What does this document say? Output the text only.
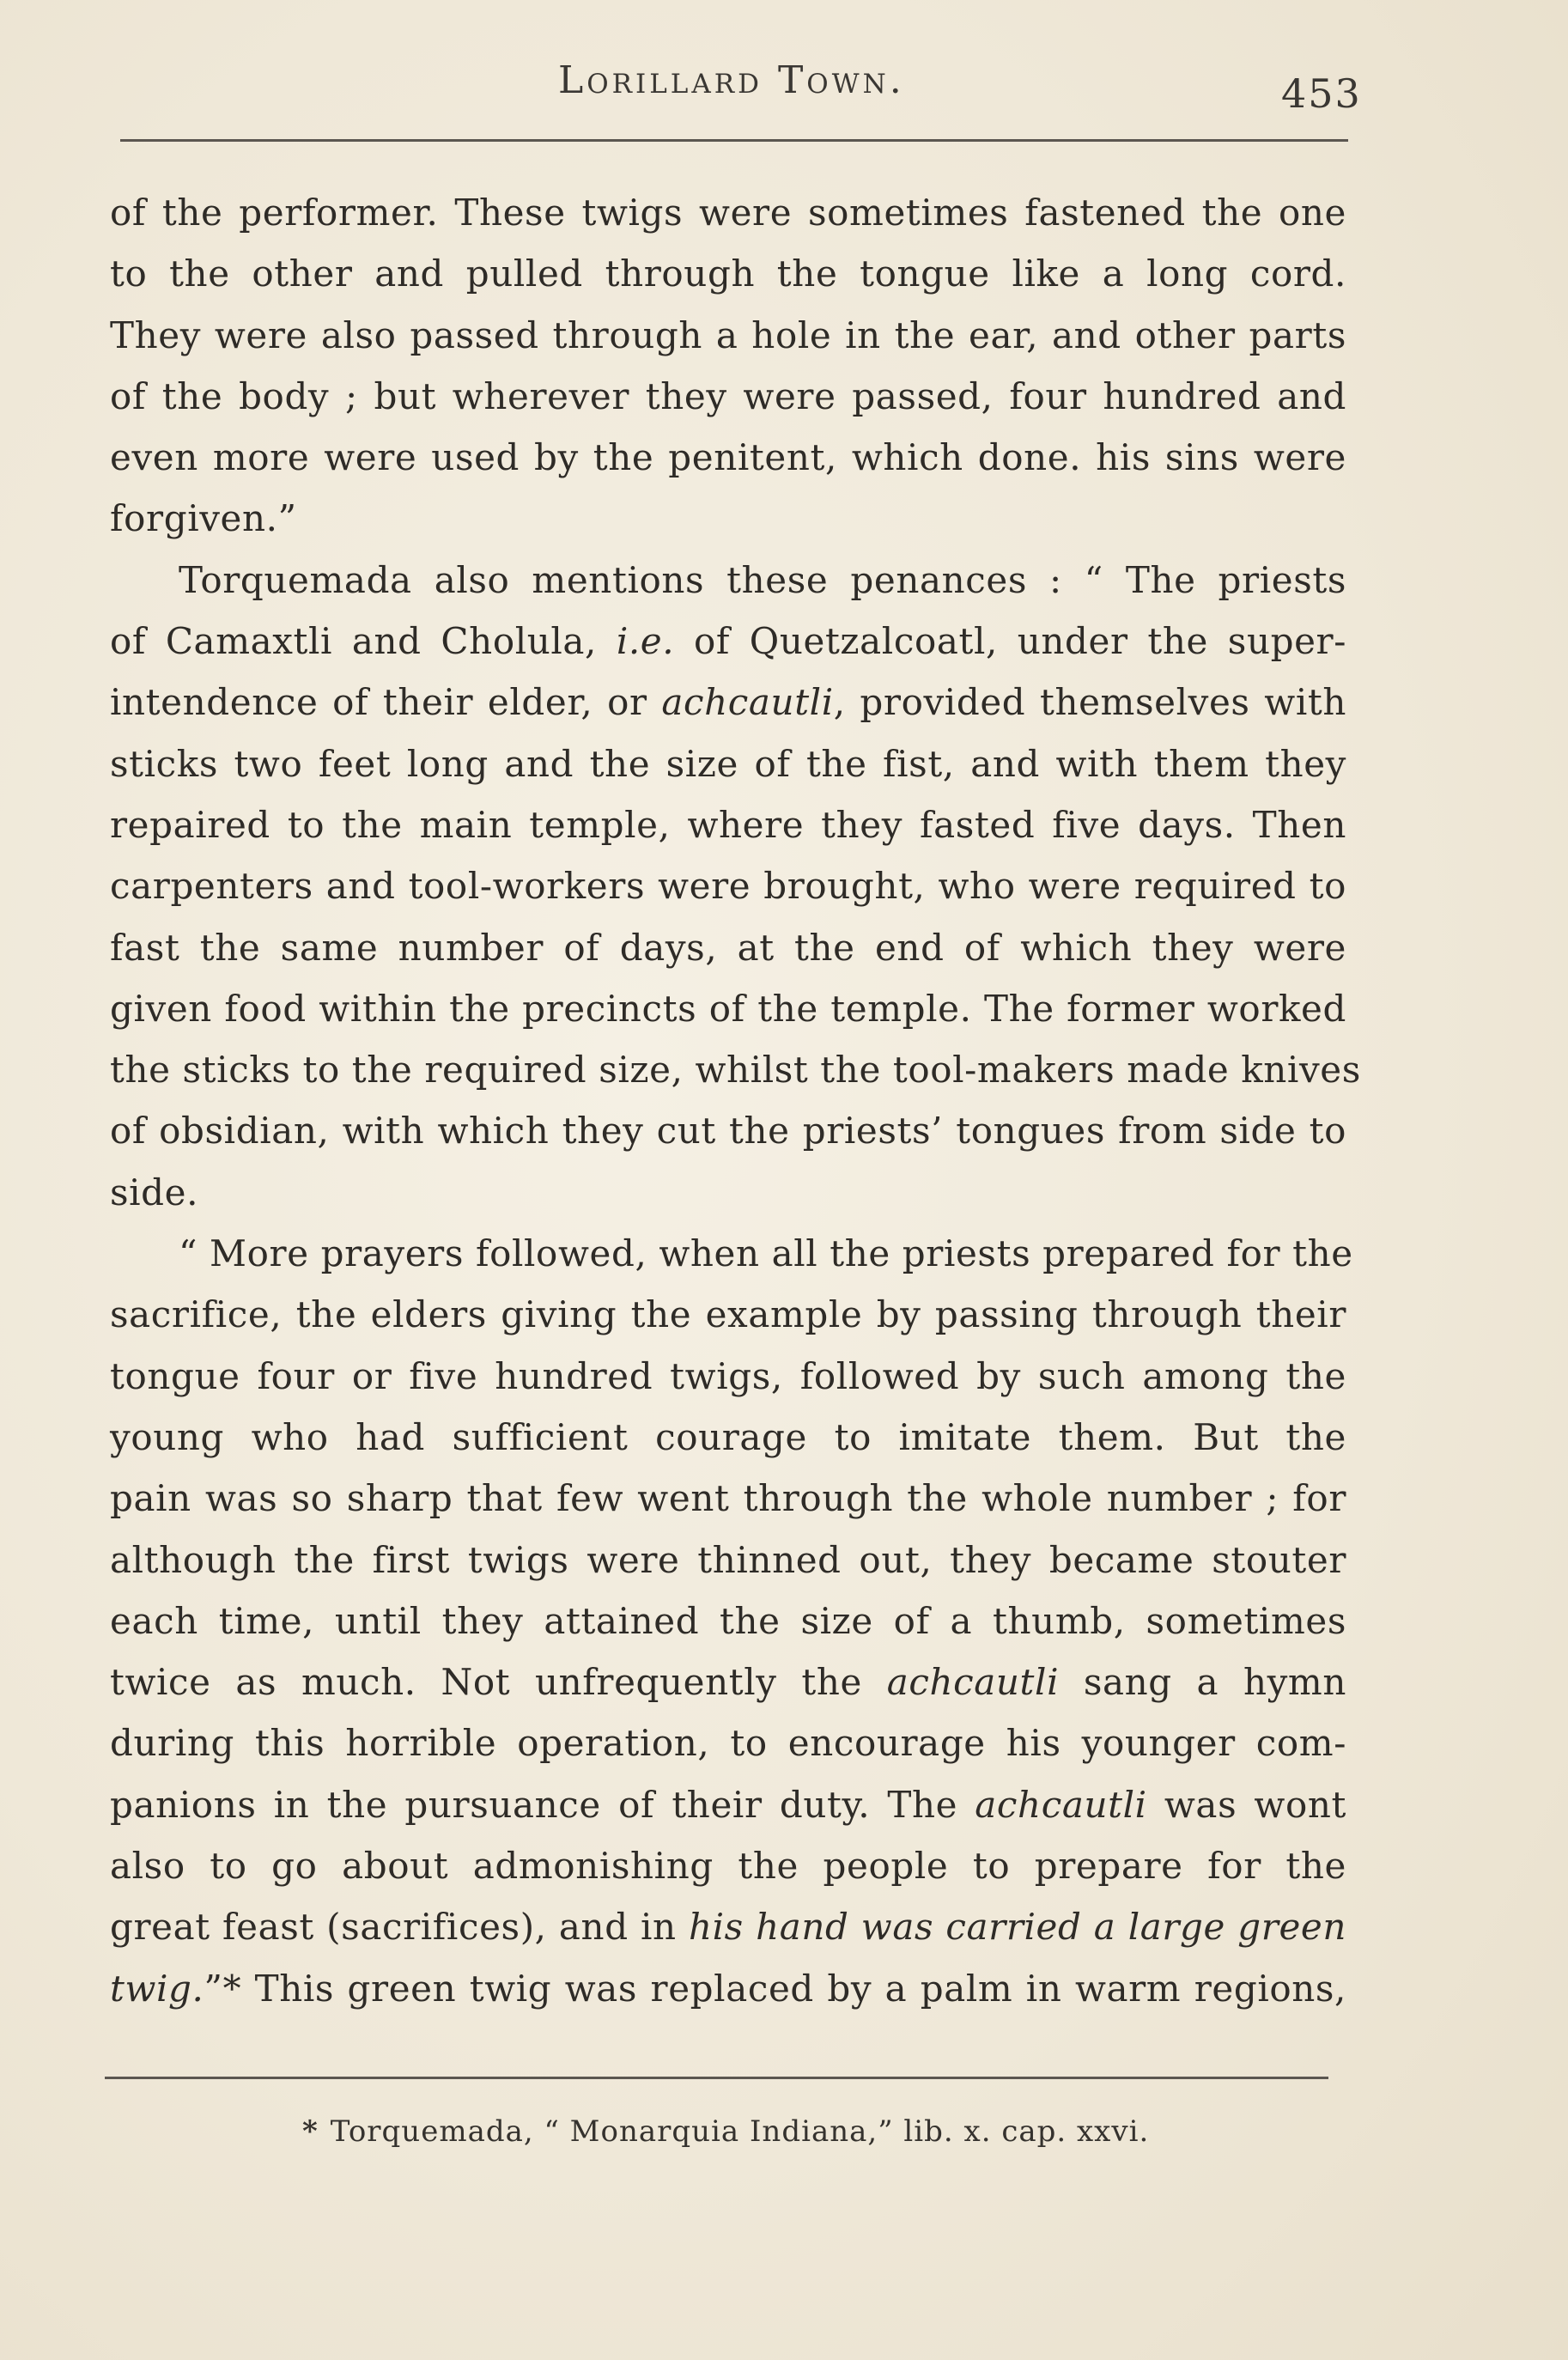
Lorillard Town.	453
of the performer. These twigs were sometimes fastened the one
to the other and pulled through the tongue like a long cord.
They were also passed through a hole in the ear, and other parts
of the body ; but wherever they were passed, four hundred and
even more were used by the penitent, which done. his sins were
forgiven.”
Torquemada also mentions these penances : “ The priests
of Camaxtli and Cholula, i.e. of Quetzalcoatl, under the super-
intendence of their elder, or achcautli, provided themselves with
sticks two feet long and the size of the fist, and with them they
repaired to the main temple, where they fasted five days. Then
carpenters and tool-workers were brought, who were required to
fast the same number of days, at the end of which they were
given food within the precincts of the temple. The former worked
the sticks to the required size, whilst the tool-makers made knives
of obsidian, with which they cut the priests’ tongues from side to
side.
“ More prayers followed, when all the priests prepared for the
sacrifice, the elders giving the example by passing through their
tongue four or five hundred twigs, followed by such among the
young who had sufficient courage to imitate them. But the
pain was so sharp that few went through the whole number ; for
although the first twigs were thinned out, they became stouter
each time, until they attained the size of a thumb, sometimes
twice as much. Not unfrequently the achcautli sang a hymn
during this horrible operation, to encourage his younger com-
panions in the pursuance of their duty. The achcautli was wont
also to go about admonishing the people to prepare for the
great feast (sacrifices), and in his hand was carried a large green
twig.”* This green twig was replaced by a palm in warm regions,
* Torquemada, “ Monarquia Indiana,” lib. x. cap. xxvi.
